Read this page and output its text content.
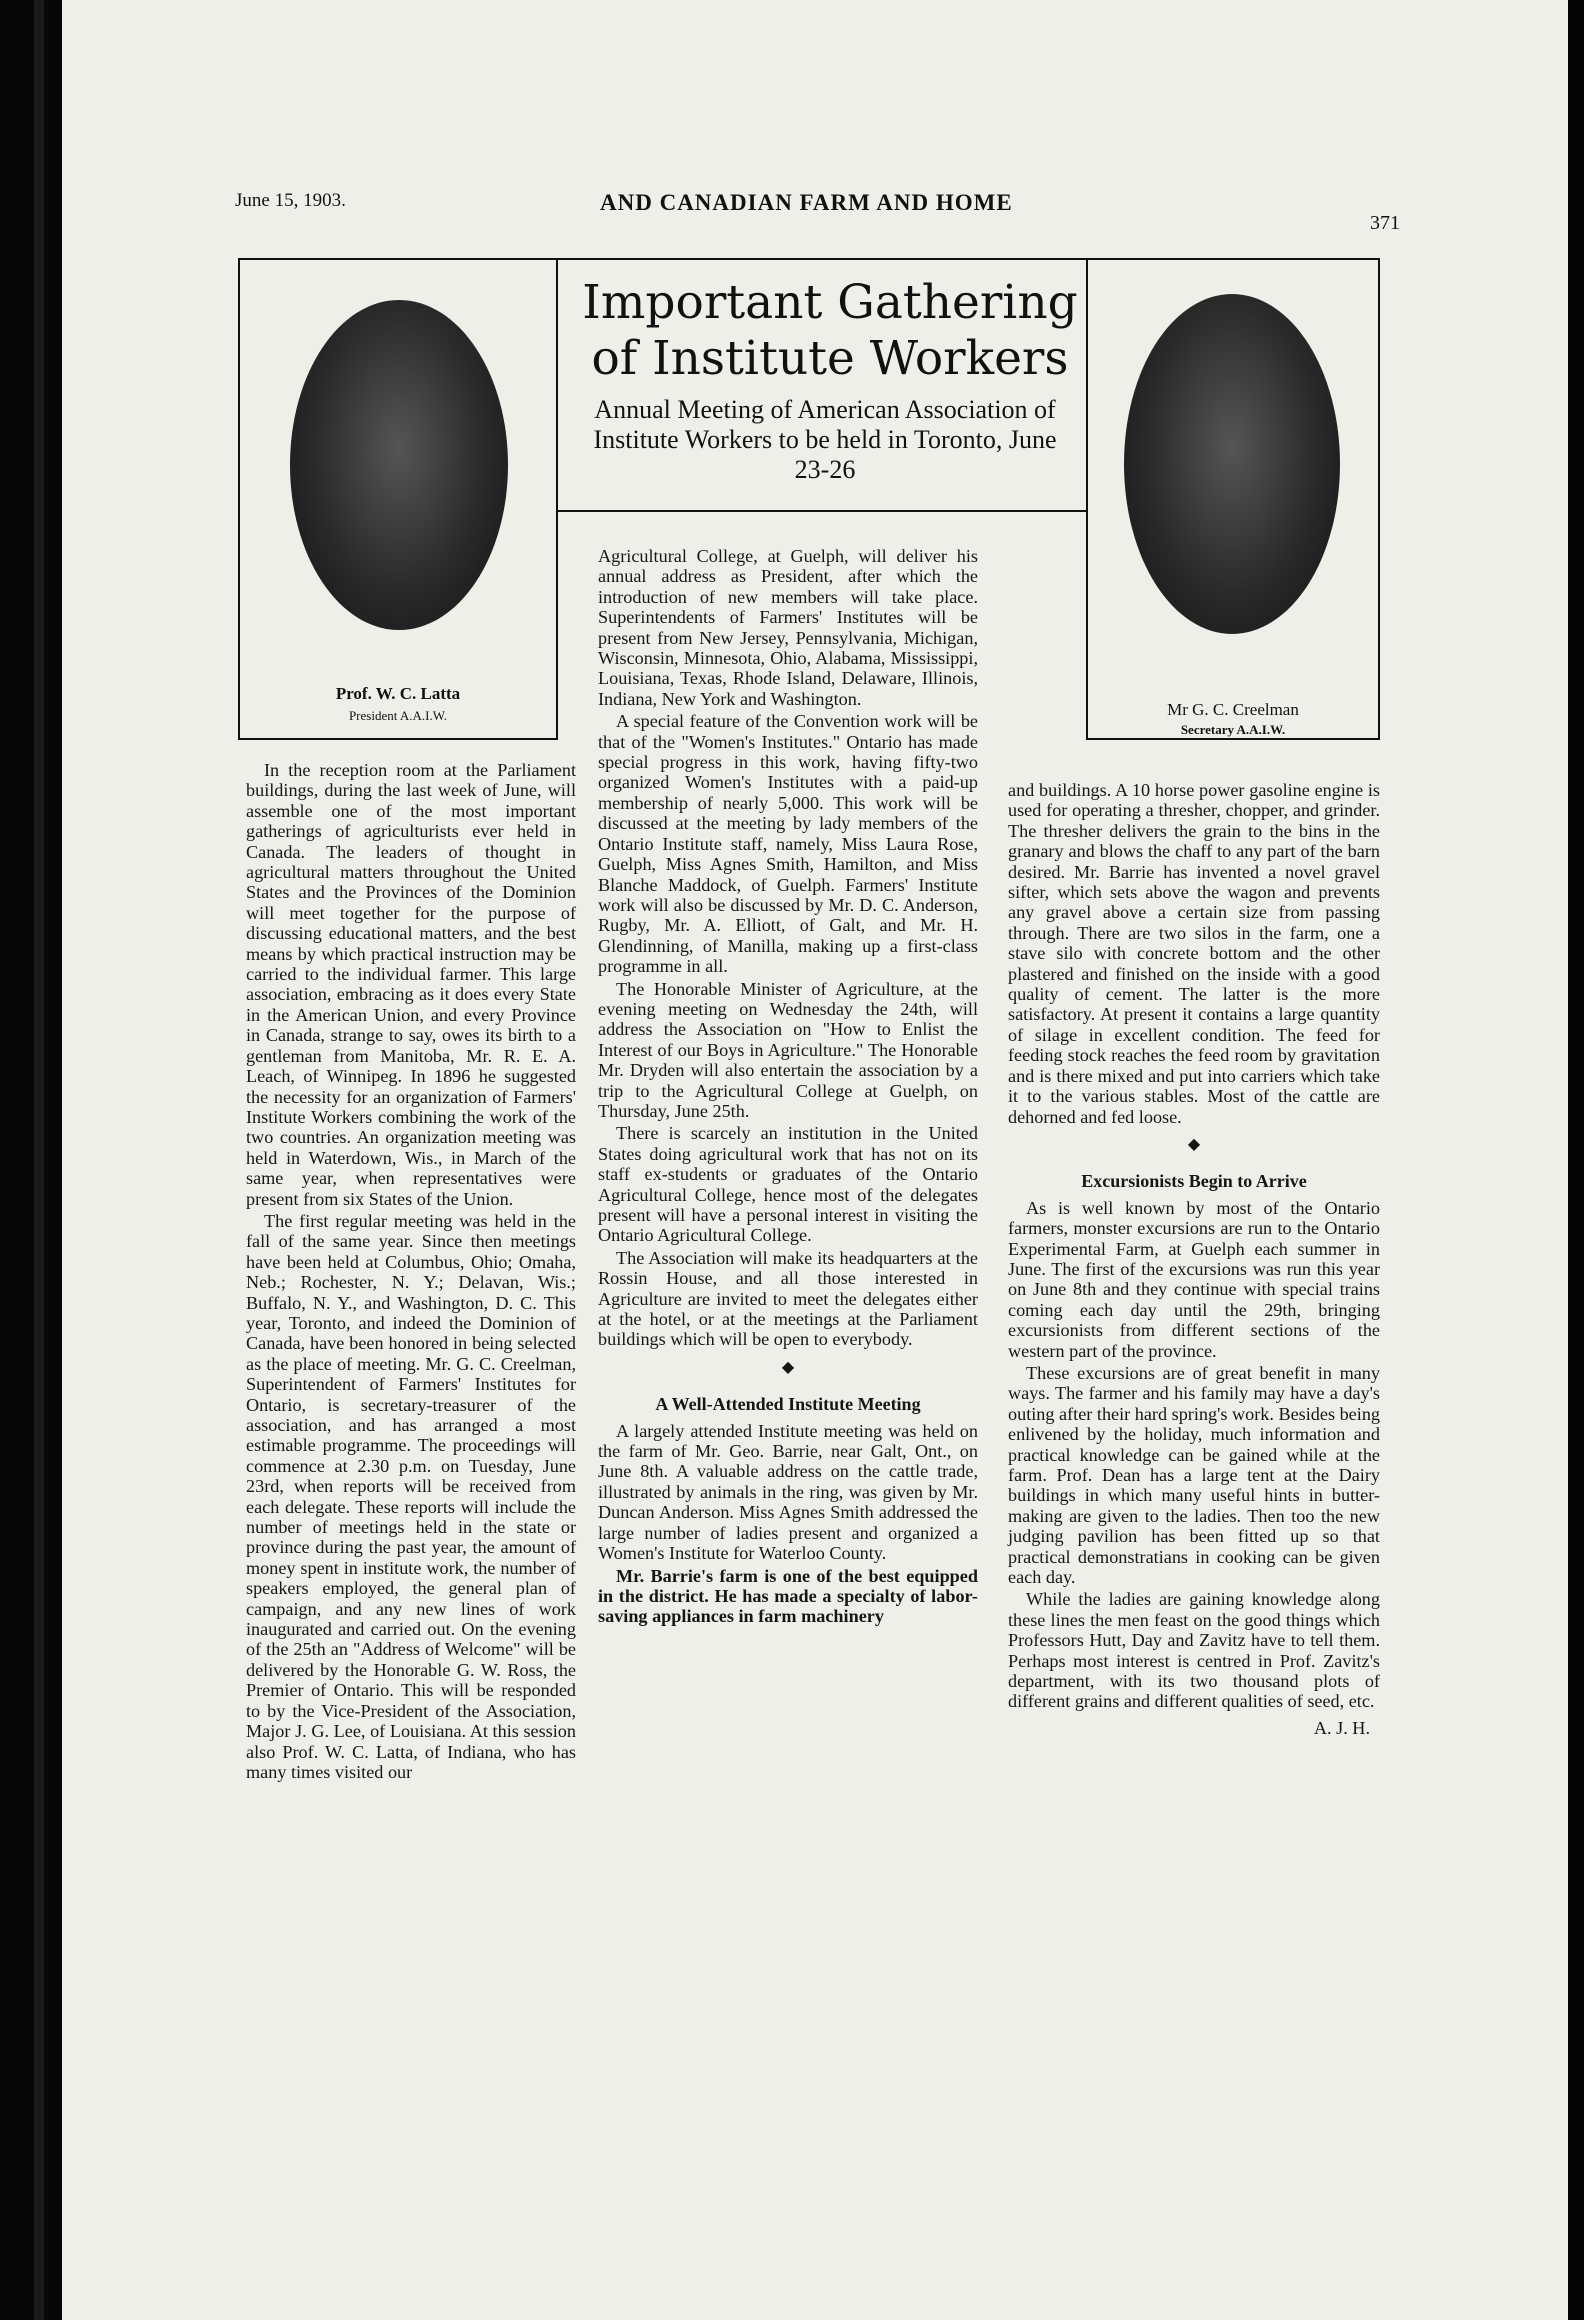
June 15, 1903.	AND CANADIAN FARM AND HOME
371
Prof. W. C. Latta
President A.A.I.W.
Important Gathering of Institute Workers
Annual Meeting of American Association of Institute Workers to be held in Toronto, June 23-26
Mr G. C. Creelman
Secretary A.A.I.W.

In the reception room at the Parliament buildings, during the last week of June, will assemble one of the most important gatherings of agriculturists ever held in Canada. The leaders of thought in agricultural matters throughout the United States and the Provinces of the Dominion will meet together for the purpose of discussing educational matters, and the best means by which practical instruction may be carried to the individual farmer. This large association, embracing as it does every State in the American Union, and every Province in Canada, strange to say, owes its birth to a gentleman from Manitoba, Mr. R. E. A. Leach, of Winnipeg. In 1896 he suggested the necessity for an organization of Farmers' Institute Workers combining the work of the two countries. An organization meeting was held in Waterdown, Wis., in March of the same year, when representatives were present from six States of the Union.

The first regular meeting was held in the fall of the same year. Since then meetings have been held at Columbus, Ohio; Omaha, Neb.; Rochester, N. Y.; Delavan, Wis.; Buffalo, N. Y., and Washington, D. C. This year, Toronto, and indeed the Dominion of Canada, have been honored in being selected as the place of meeting. Mr. G. C. Creelman, Superintendent of Farmers' Institutes for Ontario, is secretary-treasurer of the association, and has arranged a most estimable programme. The proceedings will commence at 2.30 p.m. on Tuesday, June 23rd, when reports will be received from each delegate. These reports will include the number of meetings held in the state or province during the past year, the amount of money spent in institute work, the number of speakers employed, the general plan of campaign, and any new lines of work inaugurated and carried out. On the evening of the 25th an "Address of Welcome" will be delivered by the Honorable G. W. Ross, the Premier of Ontario. This will be responded to by the Vice-President of the Association, Major J. G. Lee, of Louisiana. At this session also Prof. W. C. Latta, of Indiana, who has many times visited our

Agricultural College, at Guelph, will deliver his annual address as President, after which the introduction of new members will take place. Superintendents of Farmers' Institutes will be present from New Jersey, Pennsylvania, Michigan, Wisconsin, Minnesota, Ohio, Alabama, Mississippi, Louisiana, Texas, Rhode Island, Delaware, Illinois, Indiana, New York and Washington.

A special feature of the Convention work will be that of the "Women's Institutes." Ontario has made special progress in this work, having fifty-two organized Women's Institutes with a paid-up membership of nearly 5,000. This work will be discussed at the meeting by lady members of the Ontario Institute staff, namely, Miss Laura Rose, Guelph, Miss Agnes Smith, Hamilton, and Miss Blanche Maddock, of Guelph. Farmers' Institute work will also be discussed by Mr. D. C. Anderson, Rugby, Mr. A. Elliott, of Galt, and Mr. H. Glendinning, of Manilla, making up a first-class programme in all.

The Honorable Minister of Agriculture, at the evening meeting on Wednesday the 24th, will address the Association on "How to Enlist the Interest of our Boys in Agriculture." The Honorable Mr. Dryden will also entertain the association by a trip to the Agricultural College at Guelph, on Thursday, June 25th.

There is scarcely an institution in the United States doing agricultural work that has not on its staff ex-students or graduates of the Ontario Agricultural College, hence most of the delegates present will have a personal interest in visiting the Ontario Agricultural College.

The Association will make its headquarters at the Rossin House, and all those interested in Agriculture are invited to meet the delegates either at the hotel, or at the meetings at the Parliament buildings which will be open to everybody.

◆
A Well-Attended Institute Meeting

A largely attended Institute meeting was held on the farm of Mr. Geo. Barrie, near Galt, Ont., on June 8th. A valuable address on the cattle trade, illustrated by animals in the ring, was given by Mr. Duncan Anderson. Miss Agnes Smith addressed the large number of ladies present and organized a Women's Institute for Waterloo County.

Mr. Barrie's farm is one of the best equipped in the district. He has made a specialty of labor-saving appliances in farm machinery

and buildings. A 10 horse power gasoline engine is used for operating a thresher, chopper, and grinder. The thresher delivers the grain to the bins in the granary and blows the chaff to any part of the barn desired. Mr. Barrie has invented a novel gravel sifter, which sets above the wagon and prevents any gravel above a certain size from passing through. There are two silos in the farm, one a stave silo with concrete bottom and the other plastered and finished on the inside with a good quality of cement. The latter is the more satisfactory. At present it contains a large quantity of silage in excellent condition. The feed for feeding stock reaches the feed room by gravitation and is there mixed and put into carriers which take it to the various stables. Most of the cattle are dehorned and fed loose.

◆
Excursionists Begin to Arrive

As is well known by most of the Ontario farmers, monster excursions are run to the Ontario Experimental Farm, at Guelph each summer in June. The first of the excursions was run this year on June 8th and they continue with special trains coming each day until the 29th, bringing excursionists from different sections of the western part of the province.

These excursions are of great benefit in many ways. The farmer and his family may have a day's outing after their hard spring's work. Besides being enlivened by the holiday, much information and practical knowledge can be gained while at the farm. Prof. Dean has a large tent at the Dairy buildings in which many useful hints in butter-making are given to the ladies. Then too the new judging pavilion has been fitted up so that practical demonstratians in cooking can be given each day.

While the ladies are gaining knowledge along these lines the men feast on the good things which Professors Hutt, Day and Zavitz have to tell them. Perhaps most interest is centred in Prof. Zavitz's department, with its two thousand plots of different grains and different qualities of seed, etc.

A. J. H.
